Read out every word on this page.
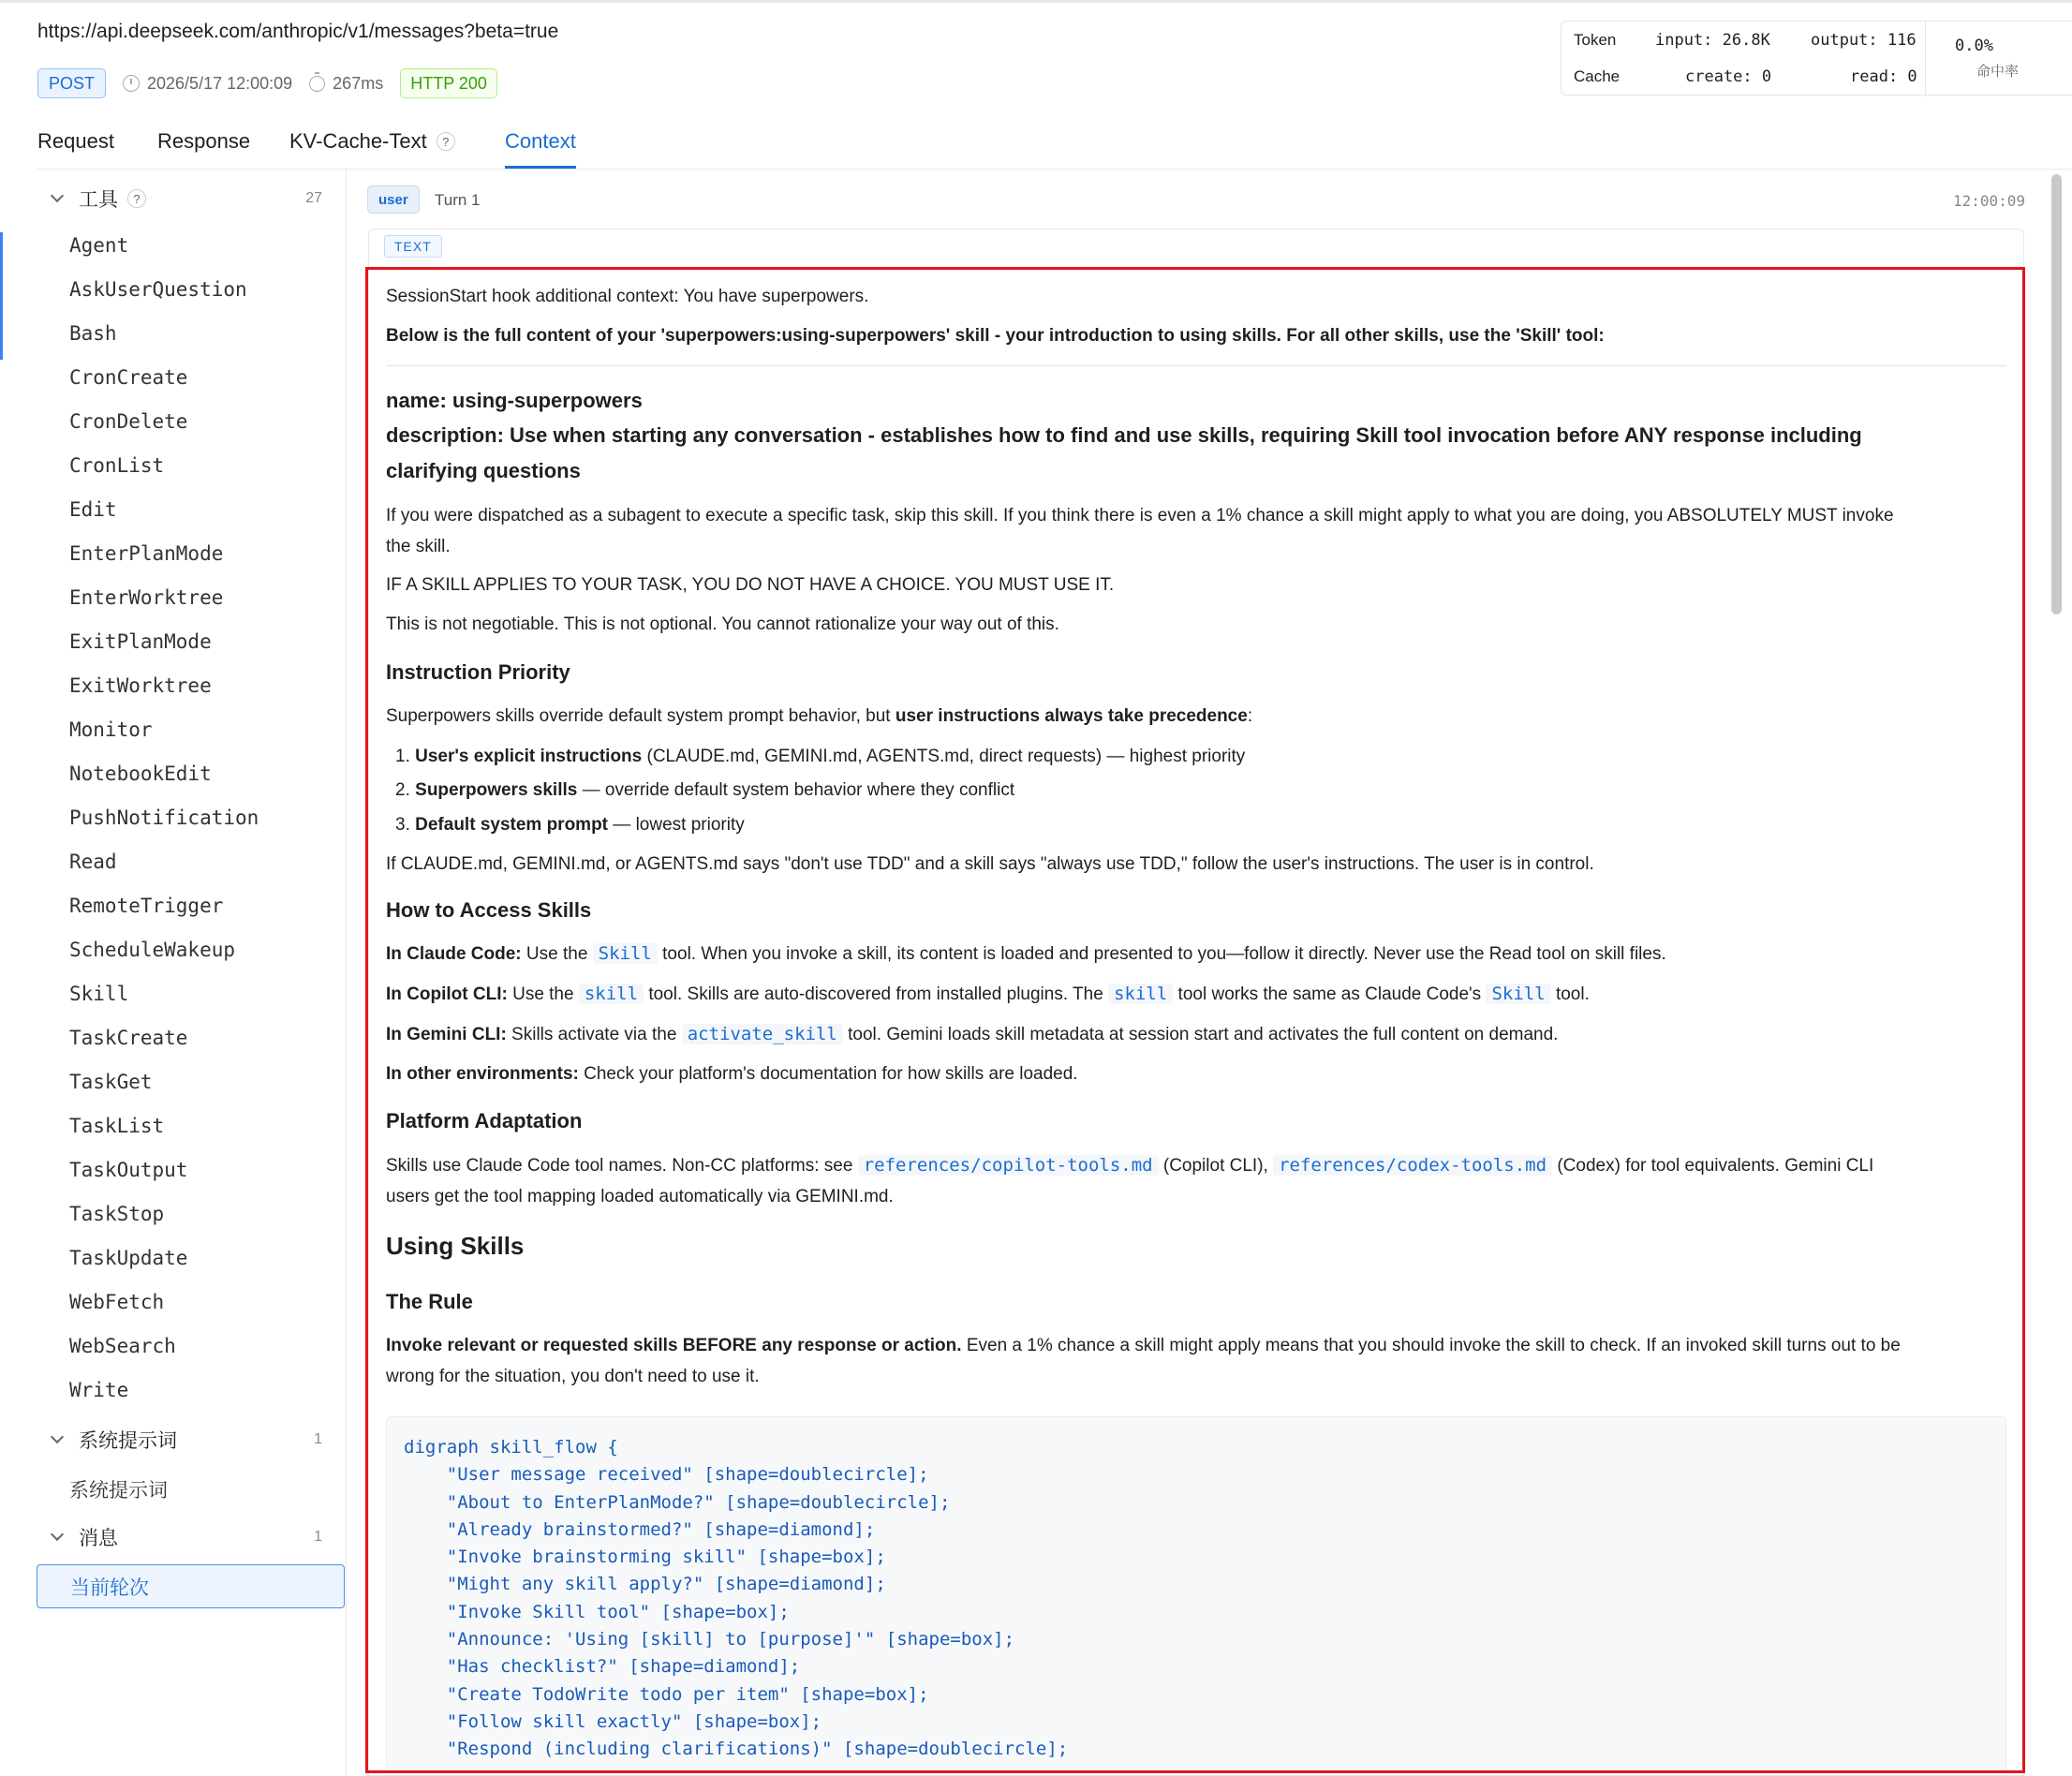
https://api.deepseek.com/anthropic/v1/messages?beta=true
POST	2026/5/17 12:00:09 267ms	HTTP 200
Token input: 26.8K	output: 116
Cache	create: 0	read: 0
0.0%
命中率
Request	Response	KV-Cache-Text	?	Context
工具	?	27
Agent
AskUserQuestion
Bash
CronCreate
CronDelete
CronList
Edit
EnterPlanMode
EnterWorktree
ExitPlanMode
ExitWorktree
Monitor
NotebookEdit
PushNotification
Read
RemoteTrigger
ScheduleWakeup
Skill
TaskCreate
TaskGet
TaskList
TaskOutput
TaskStop
TaskUpdate
WebFetch
WebSearch
Write
系统提示词	1
系统提示词
消息	1
当前轮次
user	Turn 1	12:00:09
TEXT

SessionStart hook additional context: You have superpowers.

Below is the full content of your 'superpowers:using-superpowers' skill - your introduction to using skills. For all other skills, use the 'Skill' tool:

name: using-superpowers

description: Use when starting any conversation - establishes how to find and use skills, requiring Skill tool invocation before ANY response including

clarifying questions

If you were dispatched as a subagent to execute a specific task, skip this skill. If you think there is even a 1% chance a skill might apply to what you are doing, you ABSOLUTELY MUST invoke

the skill.

IF A SKILL APPLIES TO YOUR TASK, YOU DO NOT HAVE A CHOICE. YOU MUST USE IT.

This is not negotiable. This is not optional. You cannot rationalize your way out of this.

Instruction Priority

Superpowers skills override default system prompt behavior, but user instructions always take precedence:

1. User's explicit instructions (CLAUDE.md, GEMINI.md, AGENTS.md, direct requests) — highest priority

2. Superpowers skills — override default system behavior where they conflict

3. Default system prompt — lowest priority

If CLAUDE.md, GEMINI.md, or AGENTS.md says "don't use TDD" and a skill says "always use TDD," follow the user's instructions. The user is in control.

How to Access Skills

In Claude Code: Use the Skill tool. When you invoke a skill, its content is loaded and presented to you—follow it directly. Never use the Read tool on skill files.

In Copilot CLI: Use the skill tool. Skills are auto-discovered from installed plugins. The skill tool works the same as Claude Code's Skill tool.

In Gemini CLI: Skills activate via the activate_skill tool. Gemini loads skill metadata at session start and activates the full content on demand.

In other environments: Check your platform's documentation for how skills are loaded.

Platform Adaptation

Skills use Claude Code tool names. Non-CC platforms: see references/copilot-tools.md (Copilot CLI), references/codex-tools.md (Codex) for tool equivalents. Gemini CLI

users get the tool mapping loaded automatically via GEMINI.md.

Using Skills

The Rule

Invoke relevant or requested skills BEFORE any response or action. Even a 1% chance a skill might apply means that you should invoke the skill to check. If an invoked skill turns out to be

wrong for the situation, you don't need to use it.

digraph skill_flow {
"User message received" [shape=doublecircle];
"About to EnterPlanMode?" [shape=doublecircle];
"Already brainstormed?" [shape=diamond];
"Invoke brainstorming skill" [shape=box];
"Might any skill apply?" [shape=diamond];
"Invoke Skill tool" [shape=box];
"Announce: 'Using [skill] to [purpose]'" [shape=box];
"Has checklist?" [shape=diamond];
"Create TodoWrite todo per item" [shape=box];
"Follow skill exactly" [shape=box];
"Respond (including clarifications)" [shape=doublecircle];
